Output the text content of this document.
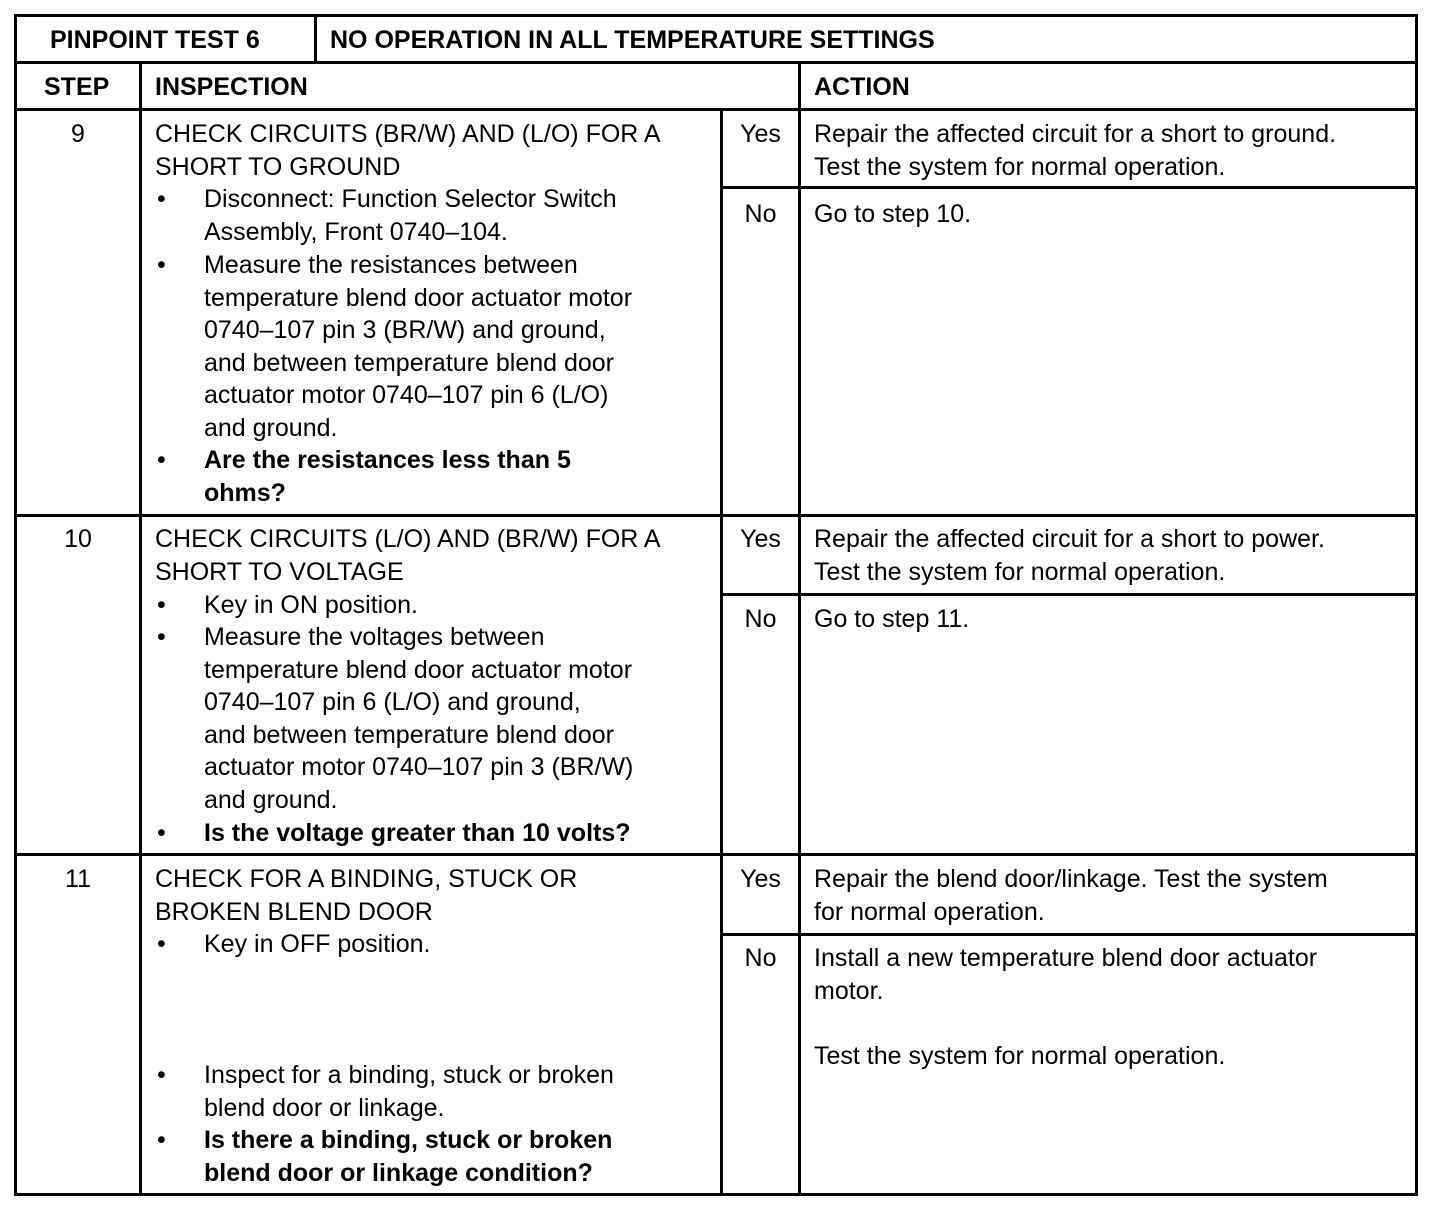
PINPOINT TEST 6	NO OPERATION IN ALL TEMPERATURE SETTINGS
STEP INSPECTION	ACTION
9	CHECK CIRCUITS (BR/W) AND (L/O) FOR A
SHORT TO GROUND
• Disconnect: Function Selector Switch
Assembly, Front 0740–104.
• Measure the resistances between
temperature blend door actuator motor
0740–107 pin 3 (BR/W) and ground,
and between temperature blend door
actuator motor 0740–107 pin 6 (L/O)
and ground.
• Are the resistances less than 5
ohms?
Yes	Repair the affected circuit for a short to ground.
Test the system for normal operation.
No	Go to step 10.
10	CHECK CIRCUITS (L/O) AND (BR/W) FOR A
SHORT TO VOLTAGE
• Key in ON position.
• Measure the voltages between
temperature blend door actuator motor
0740–107 pin 6 (L/O) and ground,
and between temperature blend door
actuator motor 0740–107 pin 3 (BR/W)
and ground.
• Is the voltage greater than 10 volts?
Yes	Repair the affected circuit for a short to power.
Test the system for normal operation.
No	Go to step 11.
11	CHECK FOR A BINDING, STUCK OR
BROKEN BLEND DOOR
• Key in OFF position.
• Inspect for a binding, stuck or broken
blend door or linkage.
• Is there a binding, stuck or broken
blend door or linkage condition?
Yes	Repair the blend door/linkage. Test the system
for normal operation.
No	Install a new temperature blend door actuator
motor.
Test the system for normal operation.
